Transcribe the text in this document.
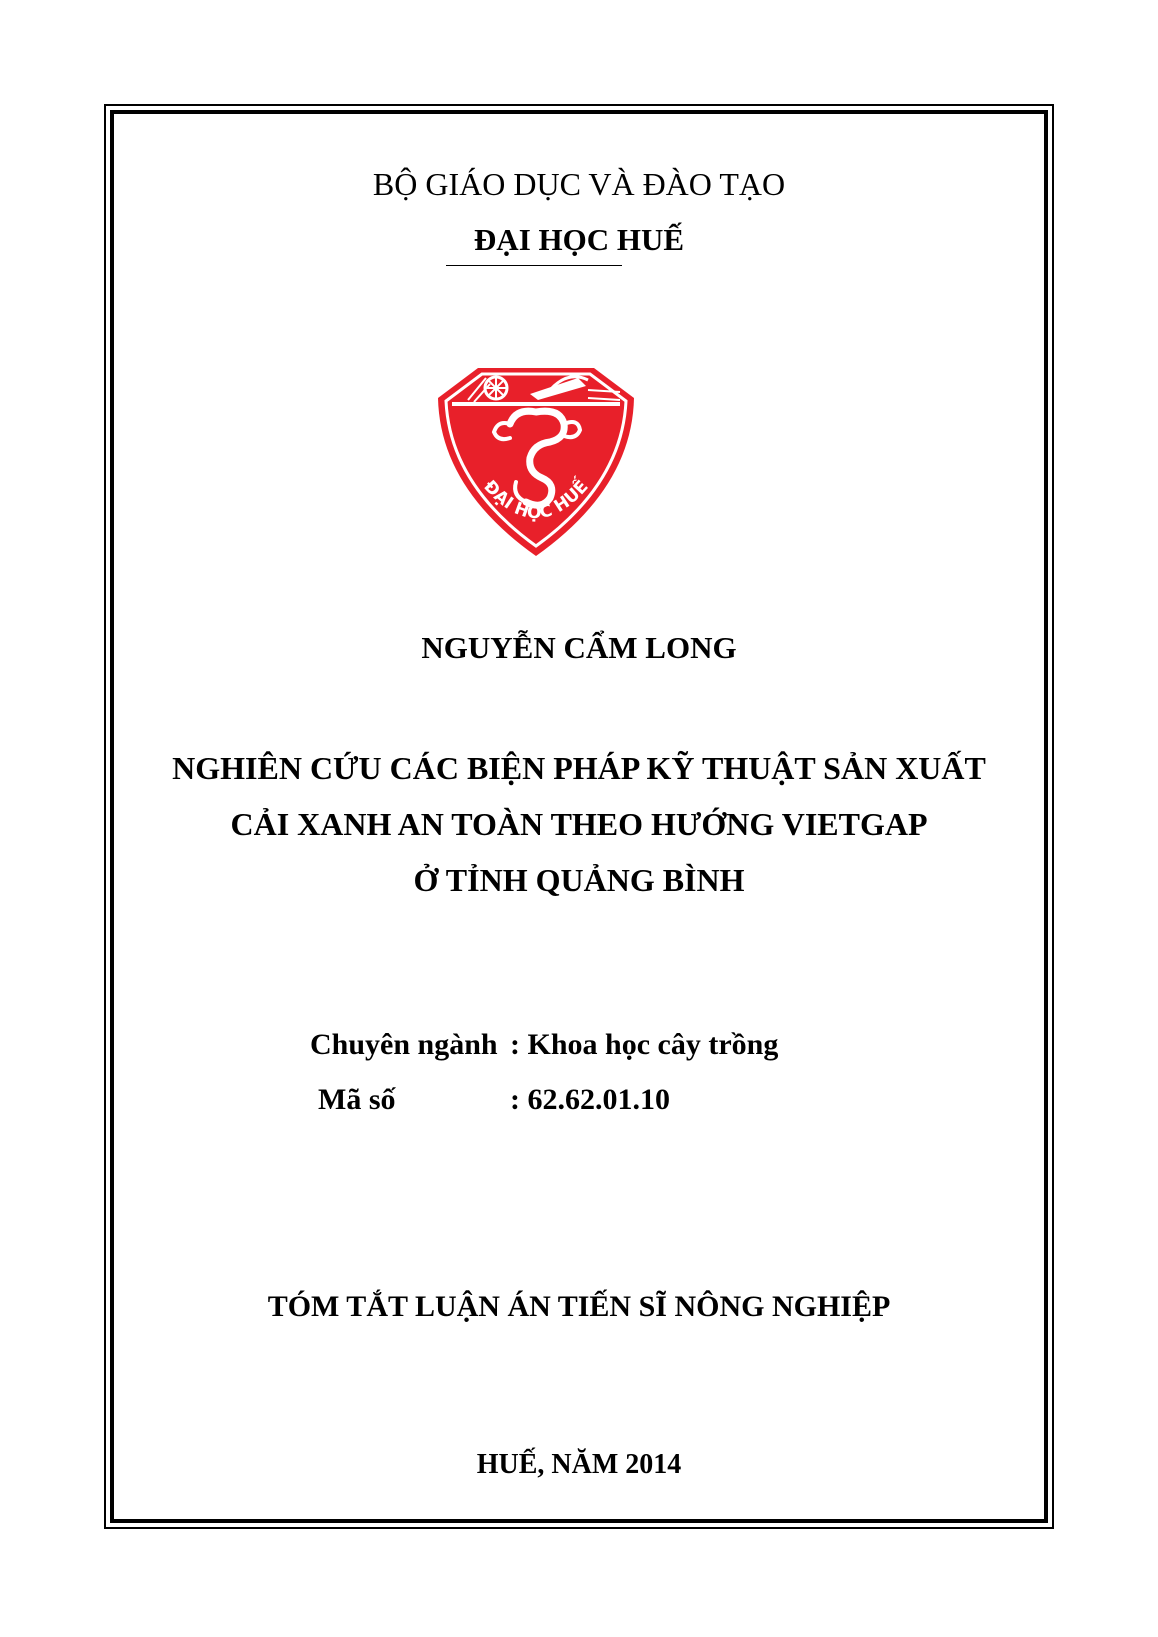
BỘ GIÁO DỤC VÀ ĐÀO TẠO
ĐẠI HỌC HUẾ
ĐẠI HỌC HUẾ
NGUYỄN CẨM LONG
NGHIÊN CỨU CÁC BIỆN PHÁP KỸ THUẬT SẢN XUẤT
CẢI XANH AN TOÀN THEO HƯỚNG VIETGAP
Ở TỈNH QUẢNG BÌNH
Chuyên ngành : Khoa học cây trồng
Mã số	: 62.62.01.10
TÓM TẮT LUẬN ÁN TIẾN SĨ NÔNG NGHIỆP
HUẾ, NĂM 2014
